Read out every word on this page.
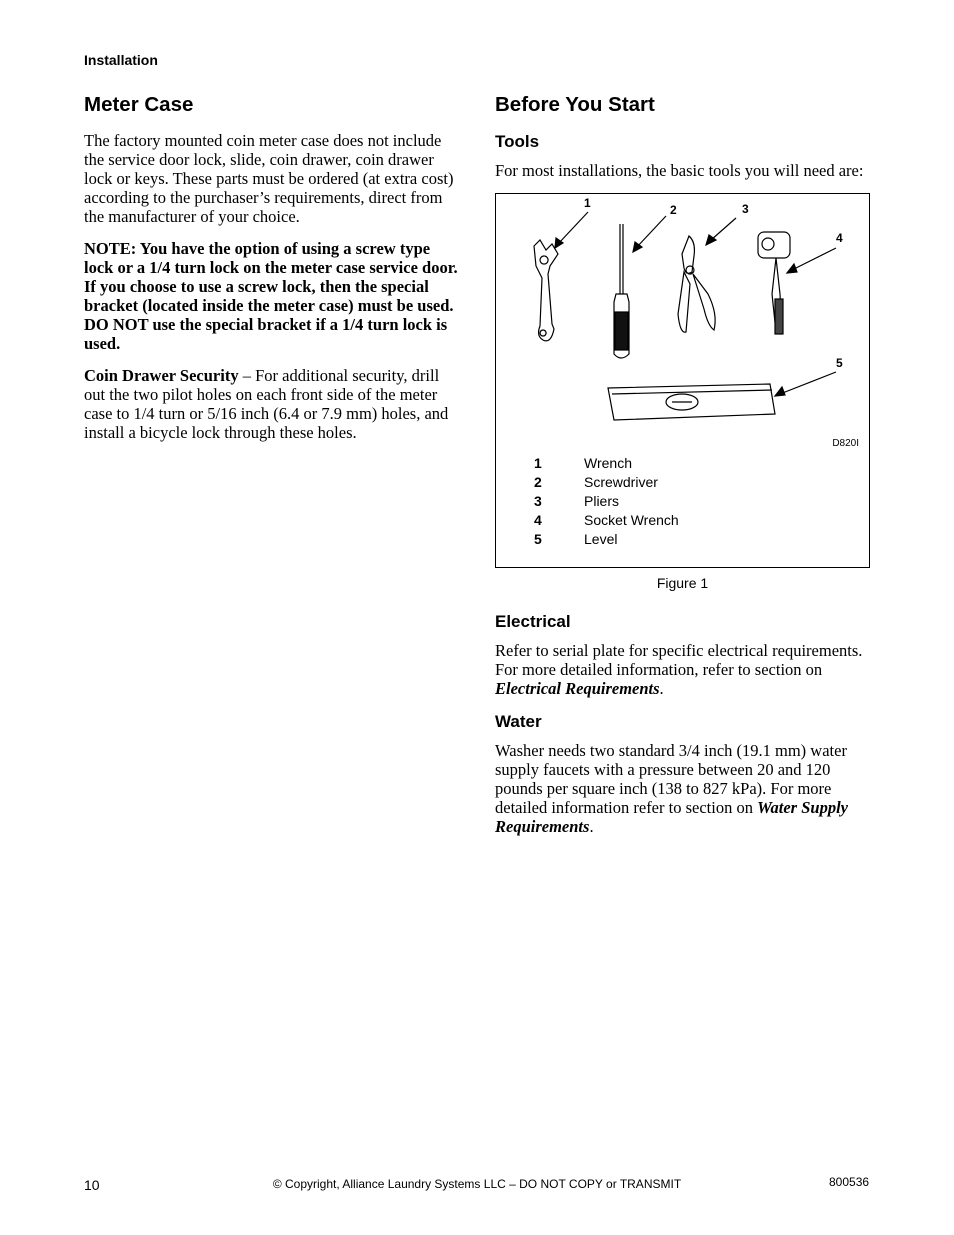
Installation
Meter Case

The factory mounted coin meter case does not include the service door lock, slide, coin drawer, coin drawer lock or keys. These parts must be ordered (at extra cost) according to the purchaser’s requirements, direct from the manufacturer of your choice.

NOTE: You have the option of using a screw type lock or a 1/4 turn lock on the meter case service door. If you choose to use a screw lock, then the special bracket (located inside the meter case) must be used. DO NOT use the special bracket if a 1/4 turn lock is used.

Coin Drawer Security – For additional security, drill out the two pilot holes on each front side of the meter case to 1/4 turn or 5/16 inch (6.4 or 7.9 mm) holes, and install a bicycle lock through these holes.

Before You Start
Tools

For most installations, the basic tools you will need are:

1	2	3
4
5
D820I
1	Wrench
2	Screwdriver
3	Pliers
4	Socket Wrench
5	Level
Figure 1
Electrical

Refer to serial plate for specific electrical requirements. For more detailed information, refer to section on Electrical Requirements.

Water

Washer needs two standard 3/4 inch (19.1 mm) water supply faucets with a pressure between 20 and 120 pounds per square inch (138 to 827 kPa). For more detailed information refer to section on Water Supply Requirements.

10	© Copyright, Alliance Laundry Systems LLC – DO NOT COPY or TRANSMIT	800536
